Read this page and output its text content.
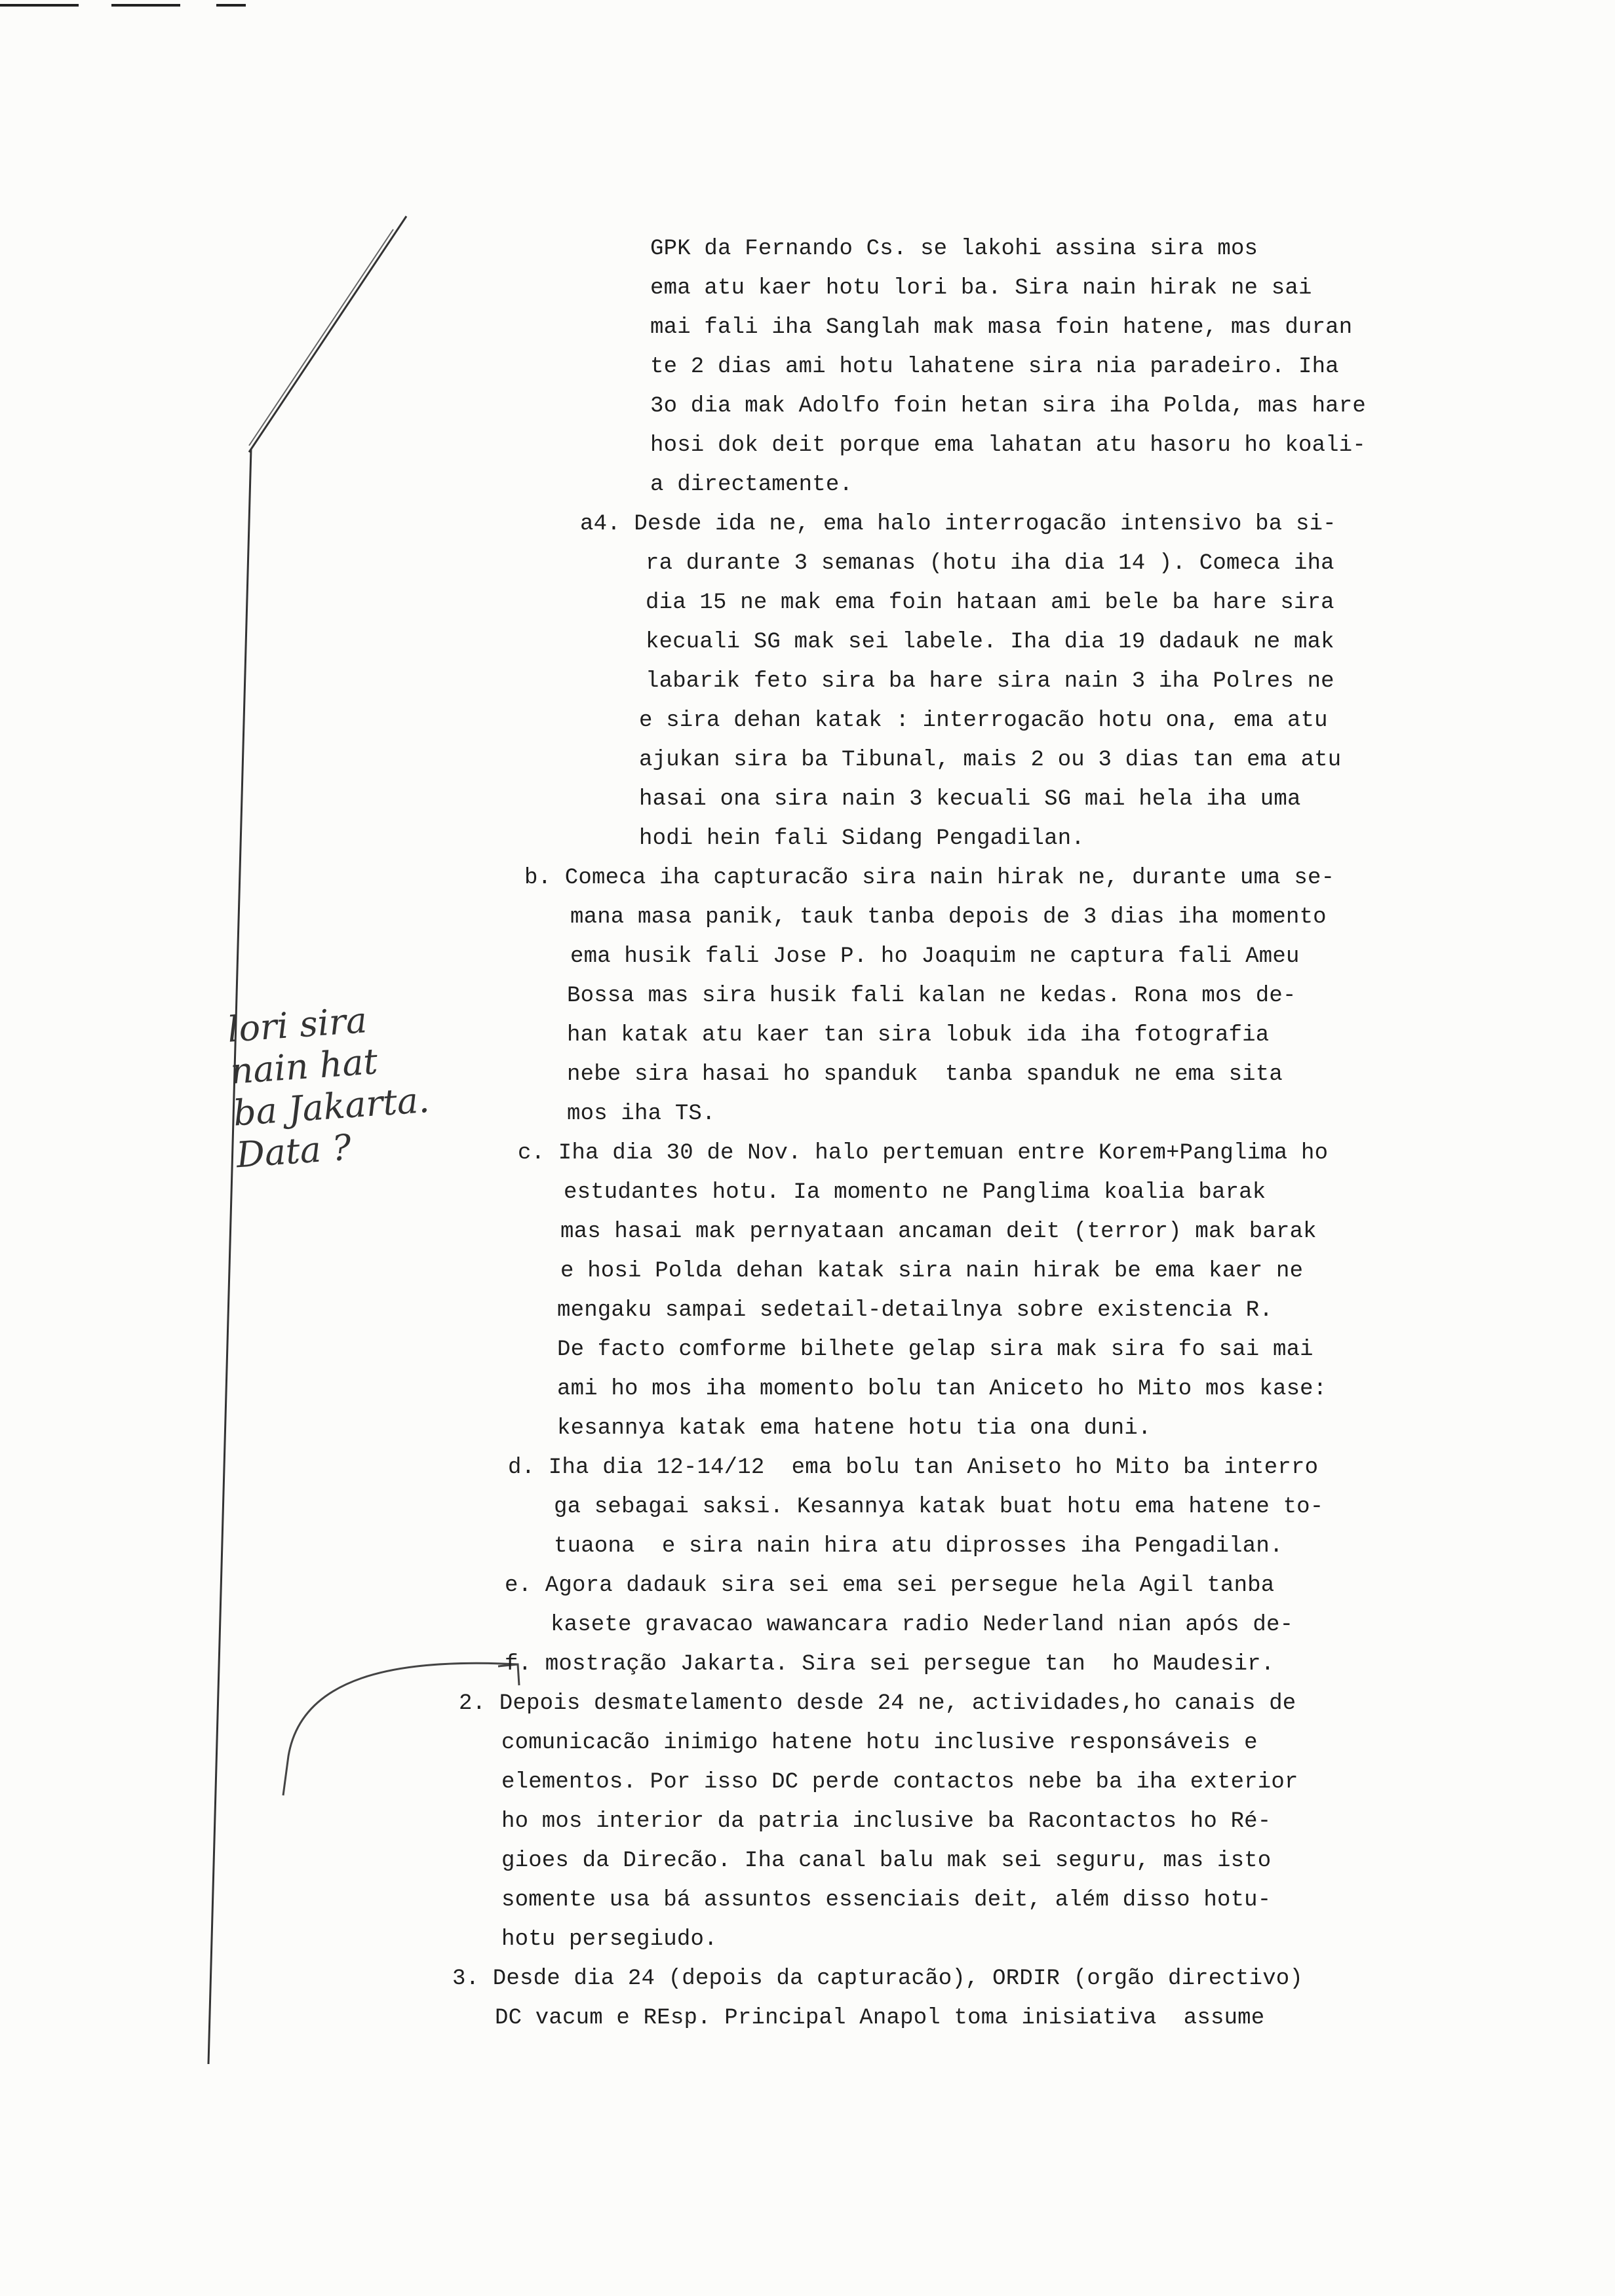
GPK da Fernando Cs. se lakohi assina sira mos
ema atu kaer hotu lori ba. Sira nain hirak ne sai
mai fali iha Sanglah mak masa foin hatene, mas duran
te 2 dias ami hotu lahatene sira nia paradeiro. Iha
3o dia mak Adolfo foin hetan sira iha Polda, mas hare
hosi dok deit porque ema lahatan atu hasoru ho koali-
a directamente.
a4. Desde ida ne, ema halo interrogacão intensivo ba si-
ra durante 3 semanas (hotu iha dia 14 ). Comeca iha
dia 15 ne mak ema foin hataan ami bele ba hare sira
kecuali SG mak sei labele. Iha dia 19 dadauk ne mak
labarik feto sira ba hare sira nain 3 iha Polres ne
e sira dehan katak : interrogacão hotu ona, ema atu
ajukan sira ba Tibunal, mais 2 ou 3 dias tan ema atu
hasai ona sira nain 3 kecuali SG mai hela iha uma
hodi hein fali Sidang Pengadilan.
b. Comeca iha capturacão sira nain hirak ne, durante uma se-
mana masa panik, tauk tanba depois de 3 dias iha momento
ema husik fali Jose P. ho Joaquim ne captura fali Ameu
Bossa mas sira husik fali kalan ne kedas. Rona mos de-
han katak atu kaer tan sira lobuk ida iha fotografia
nebe sira hasai ho spanduk  tanba spanduk ne ema sita
mos iha TS.
c. Iha dia 30 de Nov. halo pertemuan entre Korem+Panglima ho
estudantes hotu. Ia momento ne Panglima koalia barak
mas hasai mak pernyataan ancaman deit (terror) mak barak
e hosi Polda dehan katak sira nain hirak be ema kaer ne
mengaku sampai sedetail-detailnya sobre existencia R.
De facto comforme bilhete gelap sira mak sira fo sai mai
ami ho mos iha momento bolu tan Aniceto ho Mito mos kase:
kesannya katak ema hatene hotu tia ona duni.
d. Iha dia 12-14/12  ema bolu tan Aniseto ho Mito ba interro
ga sebagai saksi. Kesannya katak buat hotu ema hatene to-
tuaona  e sira nain hira atu diprosses iha Pengadilan.
e. Agora dadauk sira sei ema sei persegue hela Agil tanba
kasete gravacao wawancara radio Nederland nian após de-
f. mostração Jakarta. Sira sei persegue tan  ho Maudesir.
2. Depois desmatelamento desde 24 ne, actividades,ho canais de
comunicacão inimigo hatene hotu inclusive responsáveis e
elementos. Por isso DC perde contactos nebe ba iha exterior
ho mos interior da patria inclusive ba Racontactos ho Ré-
gioes da Direcão. Iha canal balu mak sei seguru, mas isto
somente usa bá assuntos essenciais deit, além disso hotu-
hotu persegiudo.
3. Desde dia 24 (depois da capturacão), ORDIR (orgão directivo)
DC vacum e REsp. Principal Anapol toma inisiativa  assume
lori sira
nain hat
ba Jakarta.
Data ?
